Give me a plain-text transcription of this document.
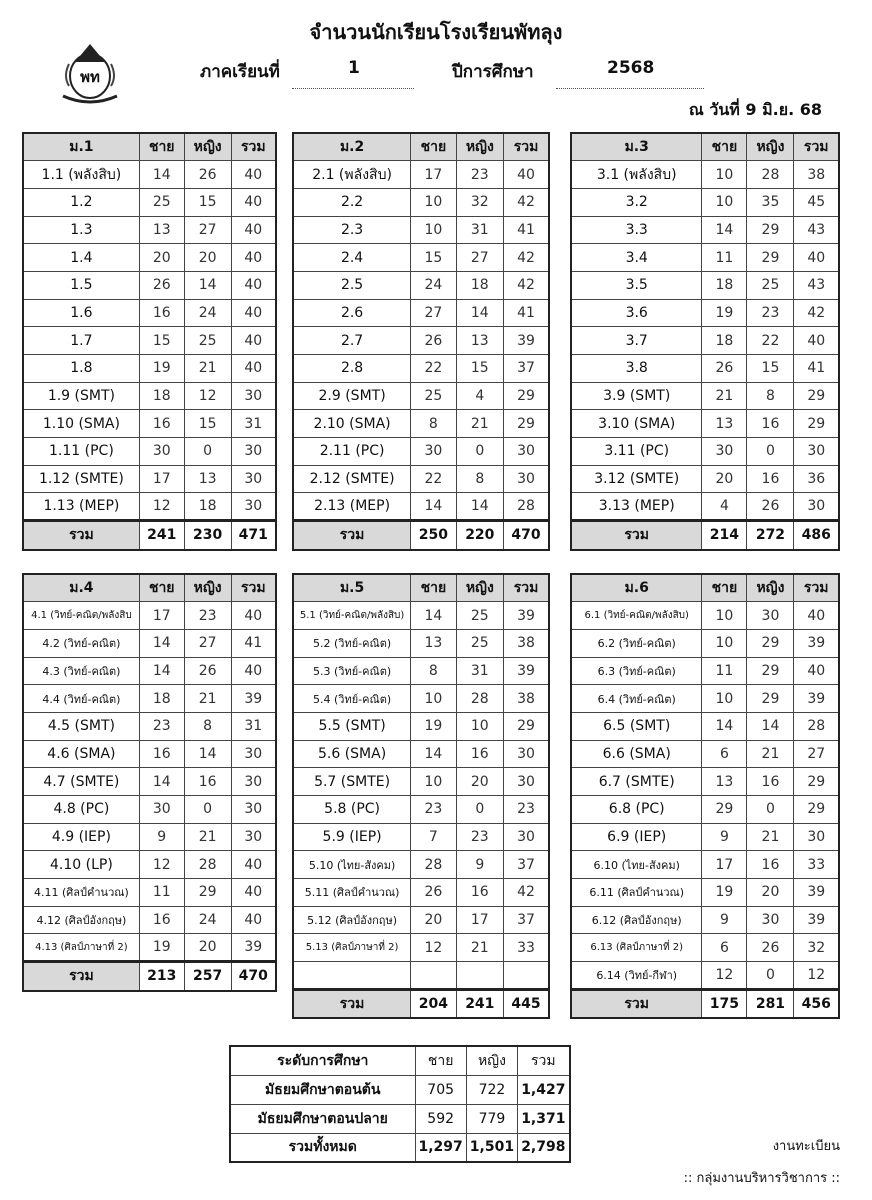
จำนวนนักเรียนโรงเรียนพัทลุง
พท	ภาคเรียนที่	1	ปีการศึกษา	2568
ณ วันที่ 9 มิ.ย. 68
ม.1	ชาย	หญิง	รวม
1.1 (พลังสิบ)	14	26	40
1.2	25	15	40
1.3	13	27	40
1.4	20	20	40
1.5	26	14	40
1.6	16	24	40
1.7	15	25	40
1.8	19	21	40
1.9 (SMT)	18	12	30
1.10 (SMA)	16	15	31
1.11 (PC)	30	0	30
1.12 (SMTE)	17	13	30
1.13 (MEP)	12	18	30
รวม	241	230	471
ม.2	ชาย	หญิง	รวม
2.1 (พลังสิบ)	17	23	40
2.2	10	32	42
2.3	10	31	41
2.4	15	27	42
2.5	24	18	42
2.6	27	14	41
2.7	26	13	39
2.8	22	15	37
2.9 (SMT)	25	4	29
2.10 (SMA)	8	21	29
2.11 (PC)	30	0	30
2.12 (SMTE)	22	8	30
2.13 (MEP)	14	14	28
รวม	250	220	470
ม.3	ชาย	หญิง	รวม
3.1 (พลังสิบ)	10	28	38
3.2	10	35	45
3.3	14	29	43
3.4	11	29	40
3.5	18	25	43
3.6	19	23	42
3.7	18	22	40
3.8	26	15	41
3.9 (SMT)	21	8	29
3.10 (SMA)	13	16	29
3.11 (PC)	30	0	30
3.12 (SMTE)	20	16	36
3.13 (MEP)	4	26	30
รวม	214	272	486
ม.4	ชาย	หญิง	รวม
4.1 (วิทย์-คณิต/พลังสิบ	17	23	40
4.2 (วิทย์-คณิต)	14	27	41
4.3 (วิทย์-คณิต)	14	26	40
4.4 (วิทย์-คณิต)	18	21	39
4.5 (SMT)	23	8	31
4.6 (SMA)	16	14	30
4.7 (SMTE)	14	16	30
4.8 (PC)	30	0	30
4.9 (IEP)	9	21	30
4.10 (LP)	12	28	40
4.11 (ศิลป์คำนวณ)	11	29	40
4.12 (ศิลป์อังกฤษ)	16	24	40
4.13 (ศิลป์ภาษาที่ 2)	19	20	39
รวม	213	257	470
ม.5	ชาย	หญิง	รวม
5.1 (วิทย์-คณิต/พลังสิบ)	14	25	39
5.2 (วิทย์-คณิต)	13	25	38
5.3 (วิทย์-คณิต)	8	31	39
5.4 (วิทย์-คณิต)	10	28	38
5.5 (SMT)	19	10	29
5.6 (SMA)	14	16	30
5.7 (SMTE)	10	20	30
5.8 (PC)	23	0	23
5.9 (IEP)	7	23	30
5.10 (ไทย-สังคม)	28	9	37
5.11 (ศิลป์คำนวณ)	26	16	42
5.12 (ศิลป์อังกฤษ)	20	17	37
5.13 (ศิลป์ภาษาที่ 2)	12	21	33

รวม	204	241	445
ม.6	ชาย	หญิง	รวม
6.1 (วิทย์-คณิต/พลังสิบ)	10	30	40
6.2 (วิทย์-คณิต)	10	29	39
6.3 (วิทย์-คณิต)	11	29	40
6.4 (วิทย์-คณิต)	10	29	39
6.5 (SMT)	14	14	28
6.6 (SMA)	6	21	27
6.7 (SMTE)	13	16	29
6.8 (PC)	29	0	29
6.9 (IEP)	9	21	30
6.10 (ไทย-สังคม)	17	16	33
6.11 (ศิลป์คำนวณ)	19	20	39
6.12 (ศิลป์อังกฤษ)	9	30	39
6.13 (ศิลป์ภาษาที่ 2)	6	26	32
6.14 (วิทย์-กีฬา)	12	0	12
รวม	175	281	456
ระดับการศึกษา	ชาย	หญิง	รวม
มัธยมศึกษาตอนต้น	705	722	1,427
มัธยมศึกษาตอนปลาย	592	779	1,371
รวมทั้งหมด	1,297	1,501	2,798	งานทะเบียน
:: กลุ่มงานบริหารวิชาการ ::
